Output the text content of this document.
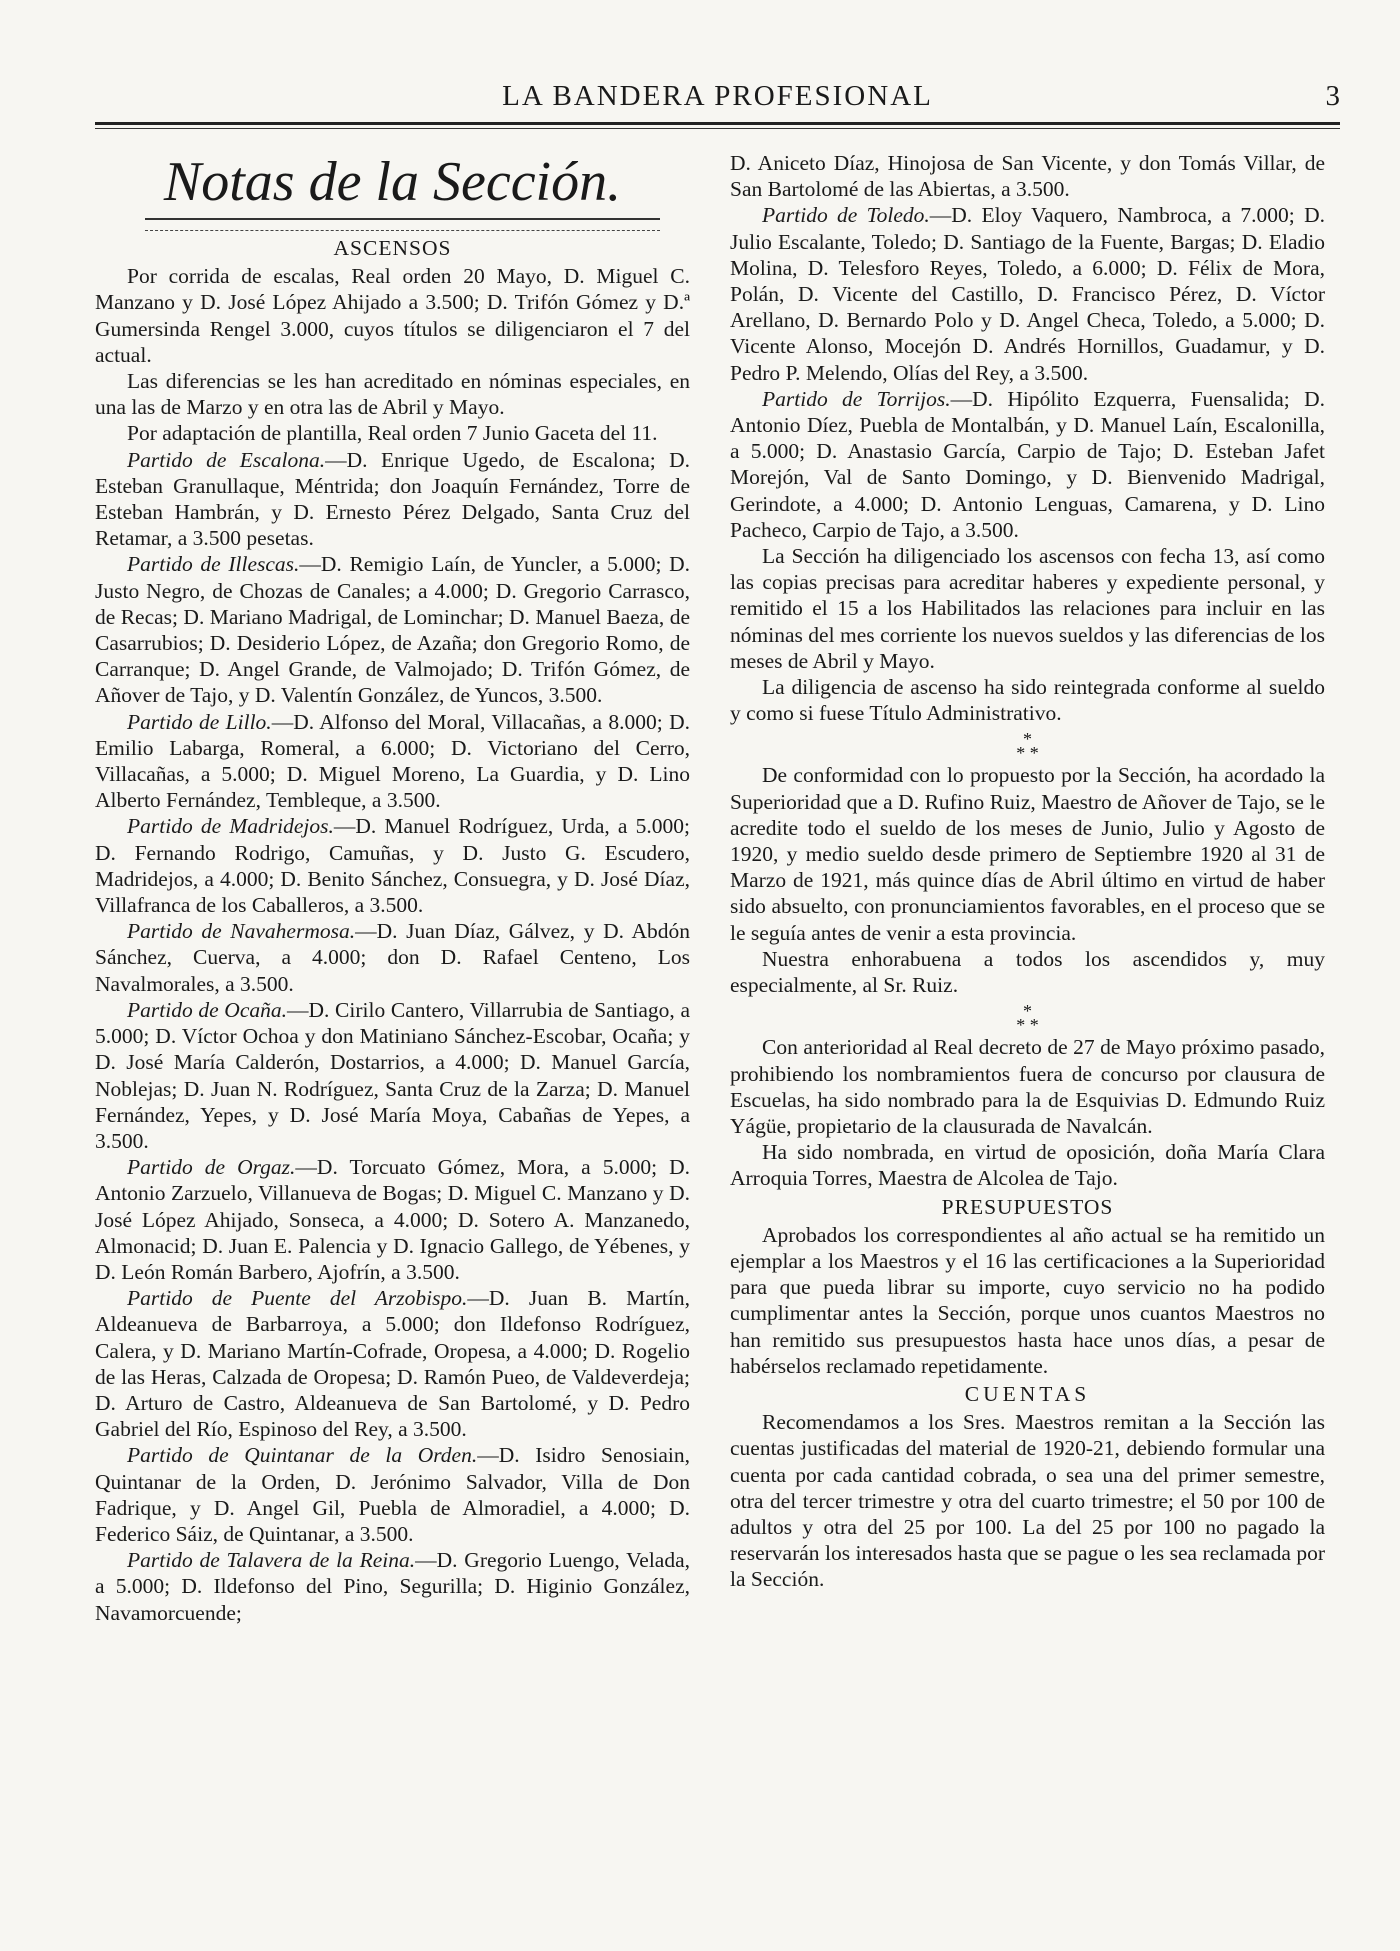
LA BANDERA PROFESIONAL	3
Notas de la Sección.
ASCENSOS

Por corrida de escalas, Real orden 20 Mayo, D. Miguel C. Manzano y D. José López Ahijado a 3.500; D. Trifón Gómez y D.ª Gumersinda Rengel 3.000, cuyos títulos se diligenciaron el 7 del actual.

Las diferencias se les han acreditado en nóminas especiales, en una las de Marzo y en otra las de Abril y Mayo.

Por adaptación de plantilla, Real orden 7 Junio Gaceta del 11.

Partido de Escalona.—D. Enrique Ugedo, de Escalona; D. Esteban Granullaque, Méntrida; don Joaquín Fernández, Torre de Esteban Hambrán, y D. Ernesto Pérez Delgado, Santa Cruz del Retamar, a 3.500 pesetas.

Partido de Illescas.—D. Remigio Laín, de Yuncler, a 5.000; D. Justo Negro, de Chozas de Canales; a 4.000; D. Gregorio Carrasco, de Recas; D. Mariano Madrigal, de Lominchar; D. Manuel Baeza, de Casarrubios; D. Desiderio López, de Azaña; don Gregorio Romo, de Carranque; D. Angel Grande, de Valmojado; D. Trifón Gómez, de Añover de Tajo, y D. Valentín González, de Yuncos, 3.500.

Partido de Lillo.—D. Alfonso del Moral, Villacañas, a 8.000; D. Emilio Labarga, Romeral, a 6.000; D. Victoriano del Cerro, Villacañas, a 5.000; D. Miguel Moreno, La Guardia, y D. Lino Alberto Fernández, Tembleque, a 3.500.

Partido de Madridejos.—D. Manuel Rodríguez, Urda, a 5.000; D. Fernando Rodrigo, Camuñas, y D. Justo G. Escudero, Madridejos, a 4.000; D. Benito Sánchez, Consuegra, y D. José Díaz, Villafranca de los Caballeros, a 3.500.

Partido de Navahermosa.—D. Juan Díaz, Gálvez, y D. Abdón Sánchez, Cuerva, a 4.000; don D. Rafael Centeno, Los Navalmorales, a 3.500.

Partido de Ocaña.—D. Cirilo Cantero, Villarrubia de Santiago, a 5.000; D. Víctor Ochoa y don Matiniano Sánchez-Escobar, Ocaña; y D. José María Calderón, Dostarrios, a 4.000; D. Manuel García, Noblejas; D. Juan N. Rodríguez, Santa Cruz de la Zarza; D. Manuel Fernández, Yepes, y D. José María Moya, Cabañas de Yepes, a 3.500.

Partido de Orgaz.—D. Torcuato Gómez, Mora, a 5.000; D. Antonio Zarzuelo, Villanueva de Bogas; D. Miguel C. Manzano y D. José López Ahijado, Sonseca, a 4.000; D. Sotero A. Manzanedo, Almonacid; D. Juan E. Palencia y D. Ignacio Gallego, de Yébenes, y D. León Román Barbero, Ajofrín, a 3.500.

Partido de Puente del Arzobispo.—D. Juan B. Martín, Aldeanueva de Barbarroya, a 5.000; don Ildefonso Rodríguez, Calera, y D. Mariano Martín-Cofrade, Oropesa, a 4.000; D. Rogelio de las Heras, Calzada de Oropesa; D. Ramón Pueo, de Valdeverdeja; D. Arturo de Castro, Aldeanueva de San Bartolomé, y D. Pedro Gabriel del Río, Espinoso del Rey, a 3.500.

Partido de Quintanar de la Orden.—D. Isidro Senosiain, Quintanar de la Orden, D. Jerónimo Salvador, Villa de Don Fadrique, y D. Angel Gil, Puebla de Almoradiel, a 4.000; D. Federico Sáiz, de Quintanar, a 3.500.

Partido de Talavera de la Reina.—D. Gregorio Luengo, Velada, a 5.000; D. Ildefonso del Pino, Segurilla; D. Higinio González, Navamorcuende;

D. Aniceto Díaz, Hinojosa de San Vicente, y don Tomás Villar, de San Bartolomé de las Abiertas, a 3.500.

Partido de Toledo.—D. Eloy Vaquero, Nambroca, a 7.000; D. Julio Escalante, Toledo; D. Santiago de la Fuente, Bargas; D. Eladio Molina, D. Telesforo Reyes, Toledo, a 6.000; D. Félix de Mora, Polán, D. Vicente del Castillo, D. Francisco Pérez, D. Víctor Arellano, D. Bernardo Polo y D. Angel Checa, Toledo, a 5.000; D. Vicente Alonso, Mocejón D. Andrés Hornillos, Guadamur, y D. Pedro P. Melendo, Olías del Rey, a 3.500.

Partido de Torrijos.—D. Hipólito Ezquerra, Fuensalida; D. Antonio Díez, Puebla de Montalbán, y D. Manuel Laín, Escalonilla, a 5.000; D. Anastasio García, Carpio de Tajo; D. Esteban Jafet Morejón, Val de Santo Domingo, y D. Bienvenido Madrigal, Gerindote, a 4.000; D. Antonio Lenguas, Camarena, y D. Lino Pacheco, Carpio de Tajo, a 3.500.

La Sección ha diligenciado los ascensos con fecha 13, así como las copias precisas para acreditar haberes y expediente personal, y remitido el 15 a los Habilitados las relaciones para incluir en las nóminas del mes corriente los nuevos sueldos y las diferencias de los meses de Abril y Mayo.

La diligencia de ascenso ha sido reintegrada conforme al sueldo y como si fuese Título Administrativo.

*
* *

De conformidad con lo propuesto por la Sección, ha acordado la Superioridad que a D. Rufino Ruiz, Maestro de Añover de Tajo, se le acredite todo el sueldo de los meses de Junio, Julio y Agosto de 1920, y medio sueldo desde primero de Septiembre 1920 al 31 de Marzo de 1921, más quince días de Abril último en virtud de haber sido absuelto, con pronunciamientos favorables, en el proceso que se le seguía antes de venir a esta provincia.

Nuestra enhorabuena a todos los ascendidos y, muy especialmente, al Sr. Ruiz.

*
* *

Con anterioridad al Real decreto de 27 de Mayo próximo pasado, prohibiendo los nombramientos fuera de concurso por clausura de Escuelas, ha sido nombrado para la de Esquivias D. Edmundo Ruiz Yágüe, propietario de la clausurada de Navalcán.

Ha sido nombrada, en virtud de oposición, doña María Clara Arroquia Torres, Maestra de Alcolea de Tajo.

PRESUPUESTOS

Aprobados los correspondientes al año actual se ha remitido un ejemplar a los Maestros y el 16 las certificaciones a la Superioridad para que pueda librar su importe, cuyo servicio no ha podido cumplimentar antes la Sección, porque unos cuantos Maestros no han remitido sus presupuestos hasta hace unos días, a pesar de habérselos reclamado repetidamente.

CUENTAS

Recomendamos a los Sres. Maestros remitan a la Sección las cuentas justificadas del material de 1920-21, debiendo formular una cuenta por cada cantidad cobrada, o sea una del primer semestre, otra del tercer trimestre y otra del cuarto trimestre; el 50 por 100 de adultos y otra del 25 por 100. La del 25 por 100 no pagado la reservarán los interesados hasta que se pague o les sea reclamada por la Sección.
